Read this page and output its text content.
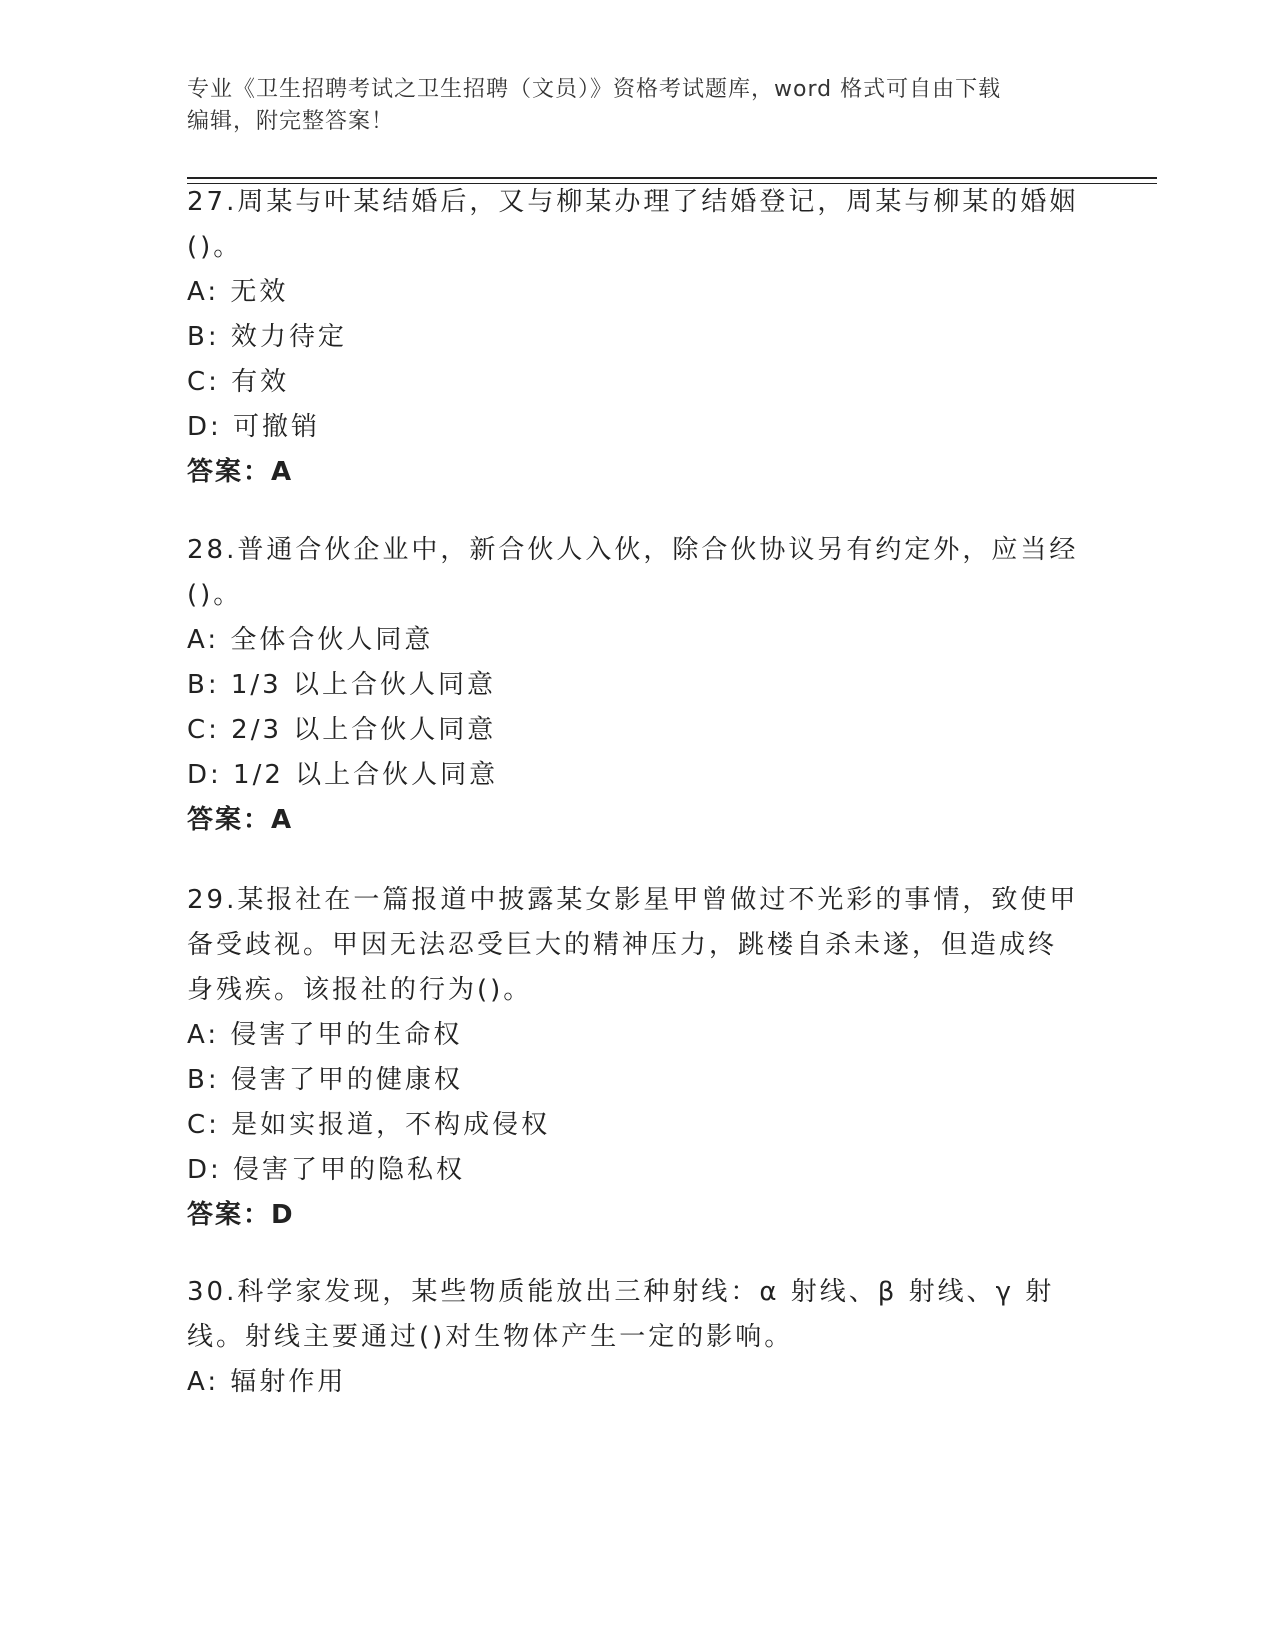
专业《卫生招聘考试之卫生招聘（文员）》资格考试题库，word 格式可自由下载
编辑，附完整答案！

27.周某与叶某结婚后，又与柳某办理了结婚登记，周某与柳某的婚姻

()。

A: 无效

B: 效力待定

C: 有效

D: 可撤销

答案：A

28.普通合伙企业中，新合伙人入伙，除合伙协议另有约定外，应当经

()。

A: 全体合伙人同意

B: 1/3 以上合伙人同意

C: 2/3 以上合伙人同意

D: 1/2 以上合伙人同意

答案：A

29.某报社在一篇报道中披露某女影星甲曾做过不光彩的事情，致使甲

备受歧视。甲因无法忍受巨大的精神压力，跳楼自杀未遂，但造成终

身残疾。该报社的行为()。

A: 侵害了甲的生命权

B: 侵害了甲的健康权

C: 是如实报道，不构成侵权

D: 侵害了甲的隐私权

答案：D

30.科学家发现，某些物质能放出三种射线：α 射线、β 射线、γ 射

线。射线主要通过()对生物体产生一定的影响。

A: 辐射作用
